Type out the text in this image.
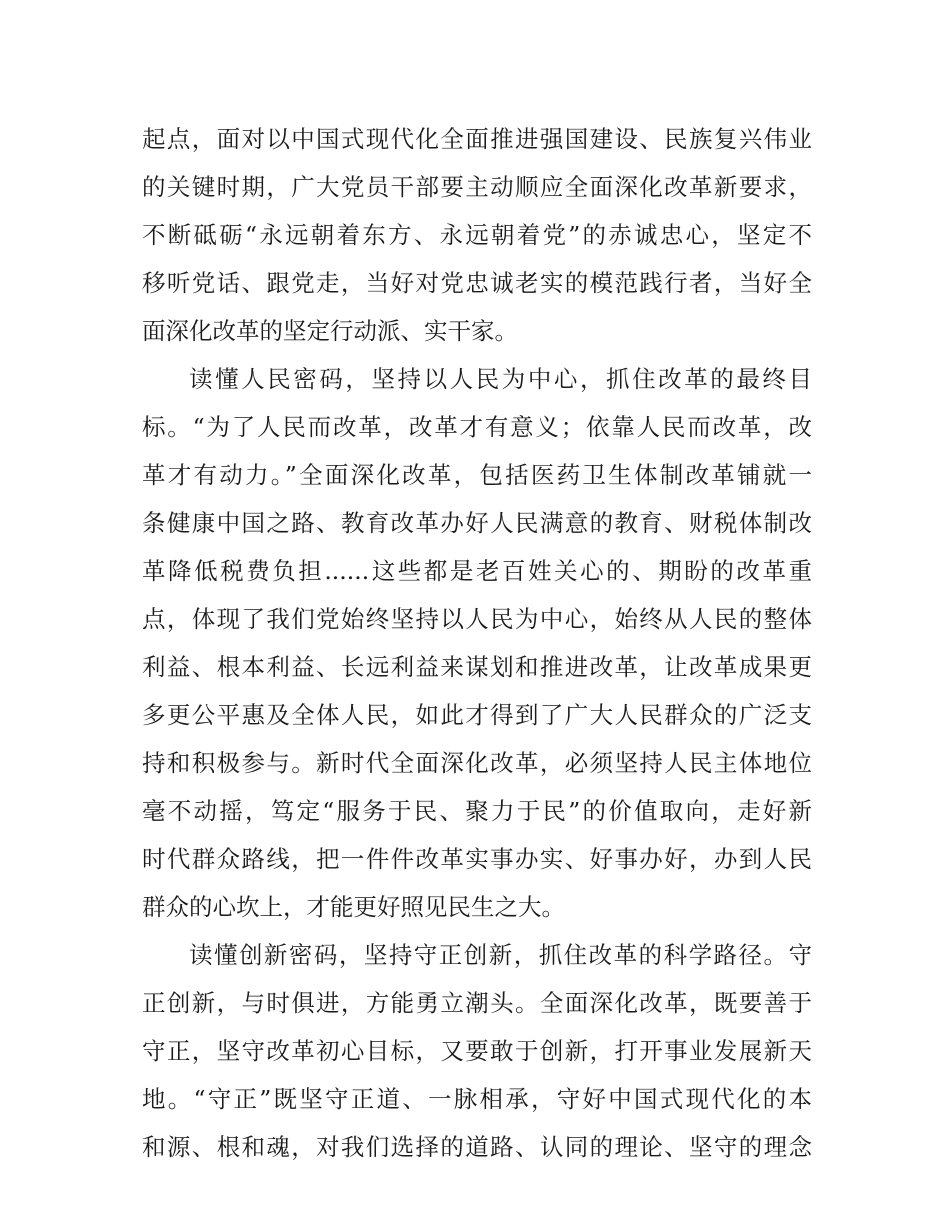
起点，面对以中国式现代化全面推进强国建设、民族复兴伟业
的关键时期，广大党员干部要主动顺应全面深化改革新要求，
不断砥砺“永远朝着东方、永远朝着党”的赤诚忠心，坚定不
移听党话、跟党走，当好对党忠诚老实的模范践行者，当好全
面深化改革的坚定行动派、实干家。
读懂人民密码，坚持以人民为中心，抓住改革的最终目
标。“为了人民而改革，改革才有意义；依靠人民而改革，改
革才有动力。”全面深化改革，包括医药卫生体制改革铺就一
条健康中国之路、教育改革办好人民满意的教育、财税体制改
革降低税费负担......这些都是老百姓关心的、期盼的改革重
点，体现了我们党始终坚持以人民为中心，始终从人民的整体
利益、根本利益、长远利益来谋划和推进改革，让改革成果更
多更公平惠及全体人民，如此才得到了广大人民群众的广泛支
持和积极参与。新时代全面深化改革，必须坚持人民主体地位
毫不动摇，笃定“服务于民、聚力于民”的价值取向，走好新
时代群众路线，把一件件改革实事办实、好事办好，办到人民
群众的心坎上，才能更好照见民生之大。
读懂创新密码，坚持守正创新，抓住改革的科学路径。守
正创新，与时俱进，方能勇立潮头。全面深化改革，既要善于
守正，坚守改革初心目标，又要敢于创新，打开事业发展新天
地。“守正”既坚守正道、一脉相承，守好中国式现代化的本
和源、根和魂，对我们选择的道路、认同的理论、坚守的理念
